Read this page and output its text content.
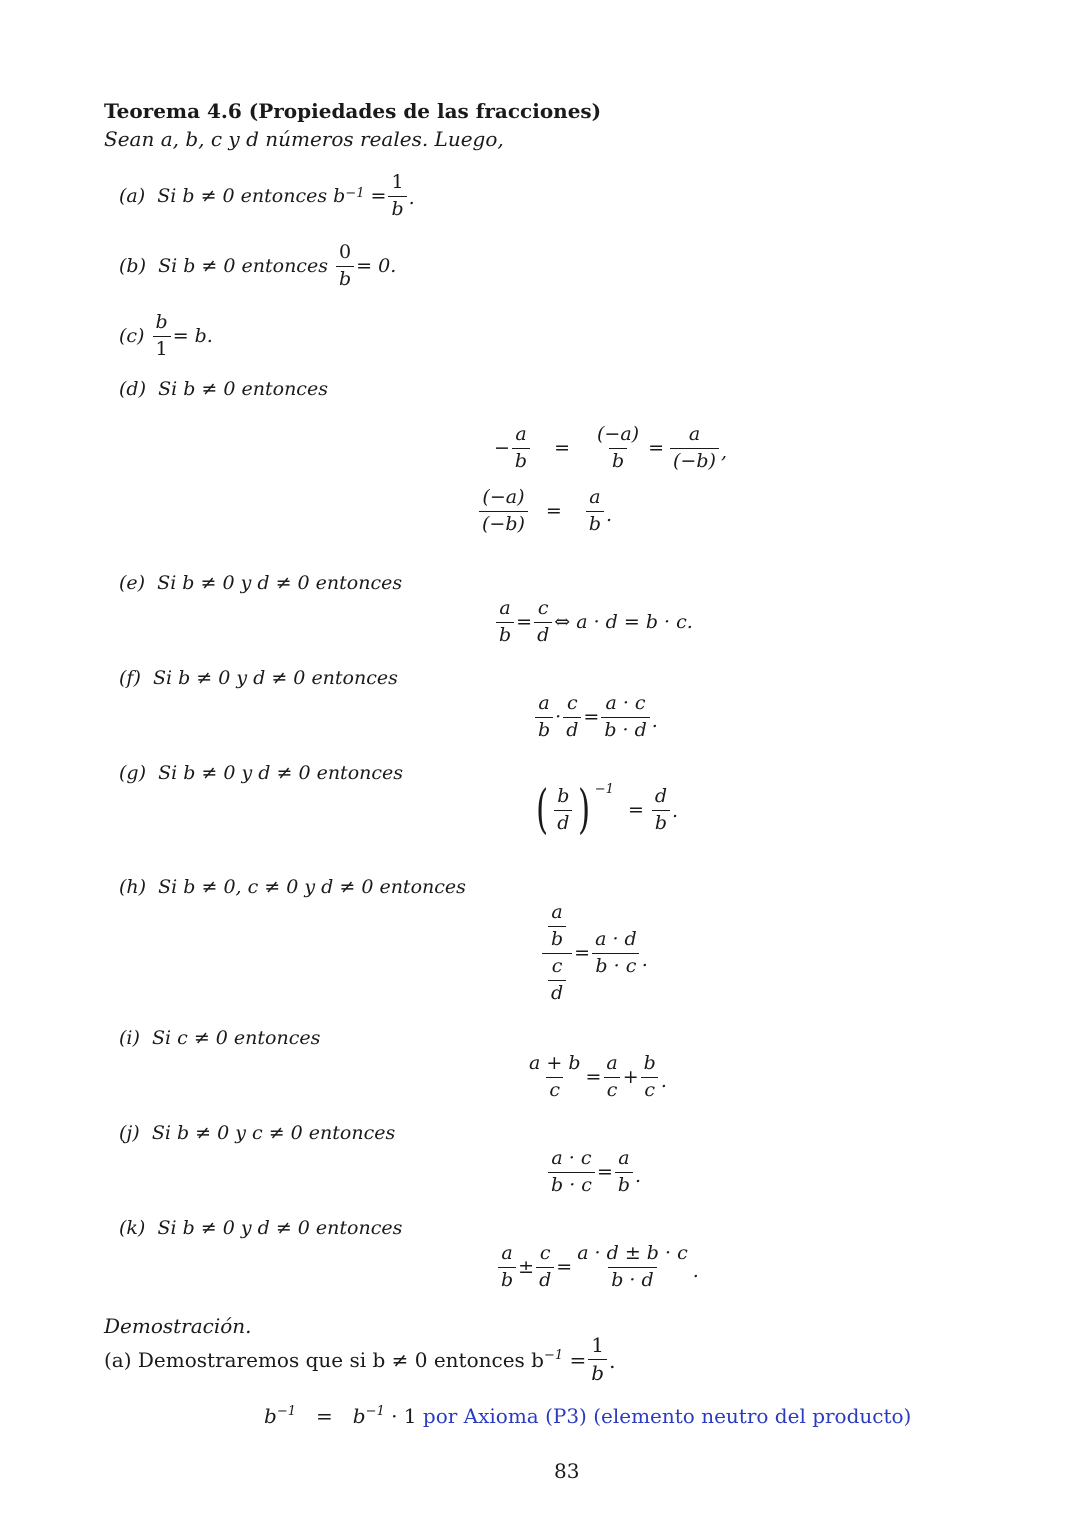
Teorema 4.6 (Propiedades de las fracciones)
Sean a, b, c y d números reales. Luego,
(a)
Si b ≠ 0 entonces b −1
= $\frac{1}{b}$ .
(b)
Si b ≠ 0 entonces
$\frac{0}{b} = 0$.
(c)
$\frac{b}{1} = b$.
(d) Si b ≠ 0 entonces
− $\frac{a}{b} = \frac{(-a)}{b} = \frac{a}{(-b)}$ ,
$\frac{(-a)}{(-b)} = \frac{a}{b}$ .
(e) Si b ≠ 0 y d ≠ 0 entonces
$\frac{a}{b} = \frac{c}{d}$ ⇔ a · d = b · c.
(f) Si b ≠ 0 y d ≠ 0 entonces
$\frac{a}{b} \cdot \frac{c}{d} = \frac{a \cdot c}{b \cdot d}$ .
(g) Si b ≠ 0 y d ≠ 0 entonces
( $\frac{b}{d}$ ) $^{-1}$
= $\frac{d}{b}$ .
(h) Si b ≠ 0, c ≠ 0 y d ≠ 0 entonces
$\frac{\frac{a}{b}}{\frac{c}{d}} = \frac{a \cdot d}{b \cdot c}$ .
(i) Si c ≠ 0 entonces
$\frac{a + b}{c} = \frac{a}{c} + \frac{b}{c}$ .
(j) Si b ≠ 0 y c ≠ 0 entonces
$\frac{a \cdot c}{b \cdot c} = \frac{a}{b}$ .
(k) Si b ≠ 0 y d ≠ 0 entonces
$\frac{a}{b} \pm \frac{c}{d} = \frac{a \cdot d \pm b \cdot c}{b \cdot d}$ .
Demostración.
(a) Demostraremos que si b ≠ 0 entonces $b^{-1}$
= $\frac{1}{b}$ .
$b^{-1} = b^{-1}$
· 1
por Axioma (P3) (elemento neutro del producto)
83
